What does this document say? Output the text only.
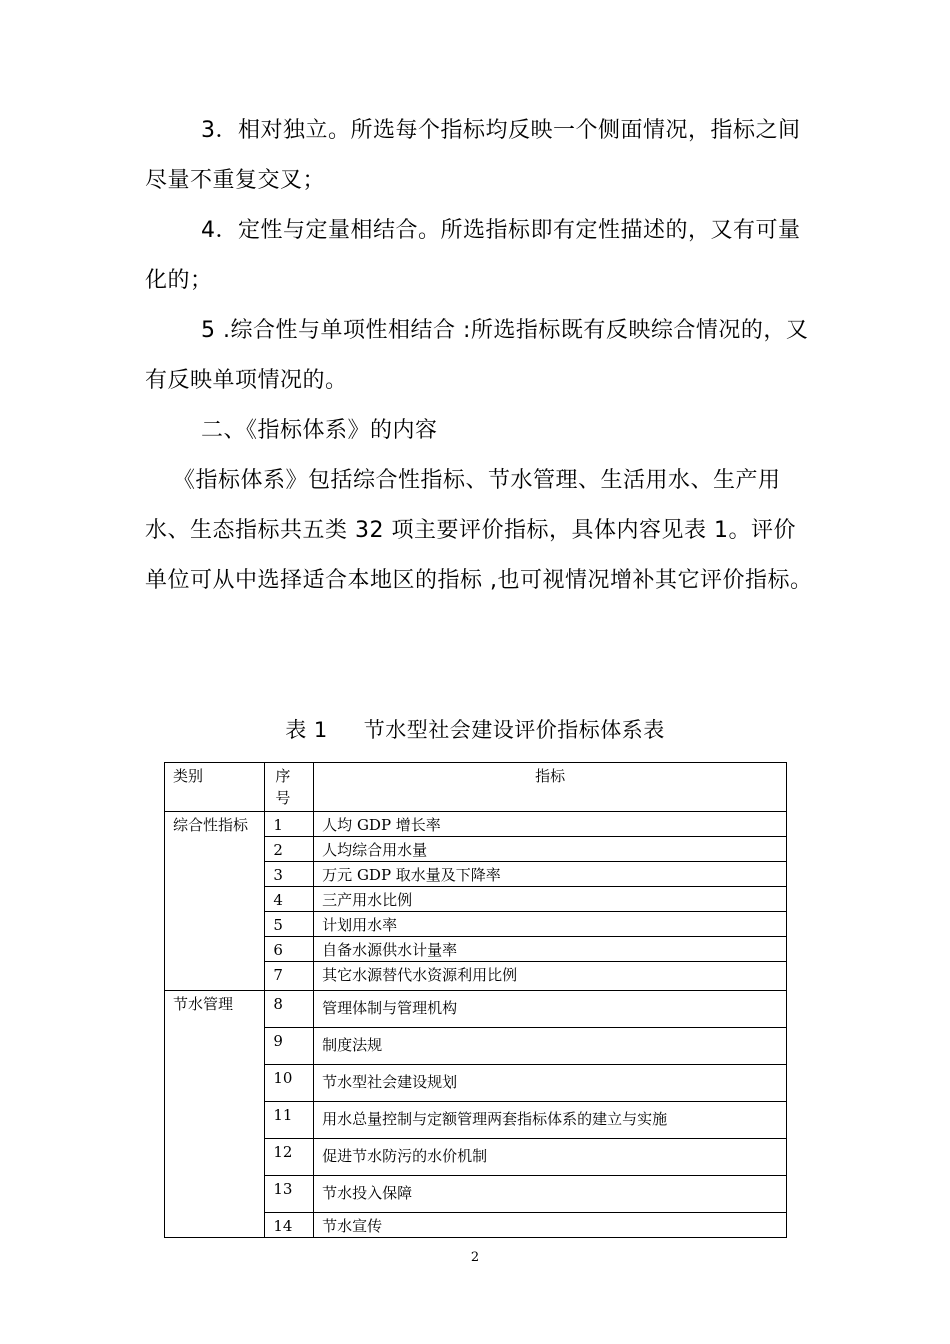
3．相对独立。所选每个指标均反映一个侧面情况，指标之间尽量不重复交叉；

4．定性与定量相结合。所选指标即有定性描述的，又有可量化的；

5 .综合性与单项性相结合 :所选指标既有反映综合情况的，又有反映单项情况的。

二、《指标体系》的内容

《指标体系》包括综合性指标、节水管理、生活用水、生产用水、生态指标共五类 32 项主要评价指标，具体内容见表 1。评价单位可从中选择适合本地区的指标 ,也可视情况增补其它评价指标。

表 1 节水型社会建设评价指标体系表
类别	序号	指标
综合性指标	1	人均 GDP 增长率
	2	人均综合用水量
	3	万元 GDP 取水量及下降率
	4	三产用水比例
	5	计划用水率
	6	自备水源供水计量率
	7	其它水源替代水资源利用比例
节水管理	8	管理体制与管理机构
	9	制度法规
	10	节水型社会建设规划
	11	用水总量控制与定额管理两套指标体系的建立与实施
	12	促进节水防污的水价机制
	13	节水投入保障
	14	节水宣传
2
